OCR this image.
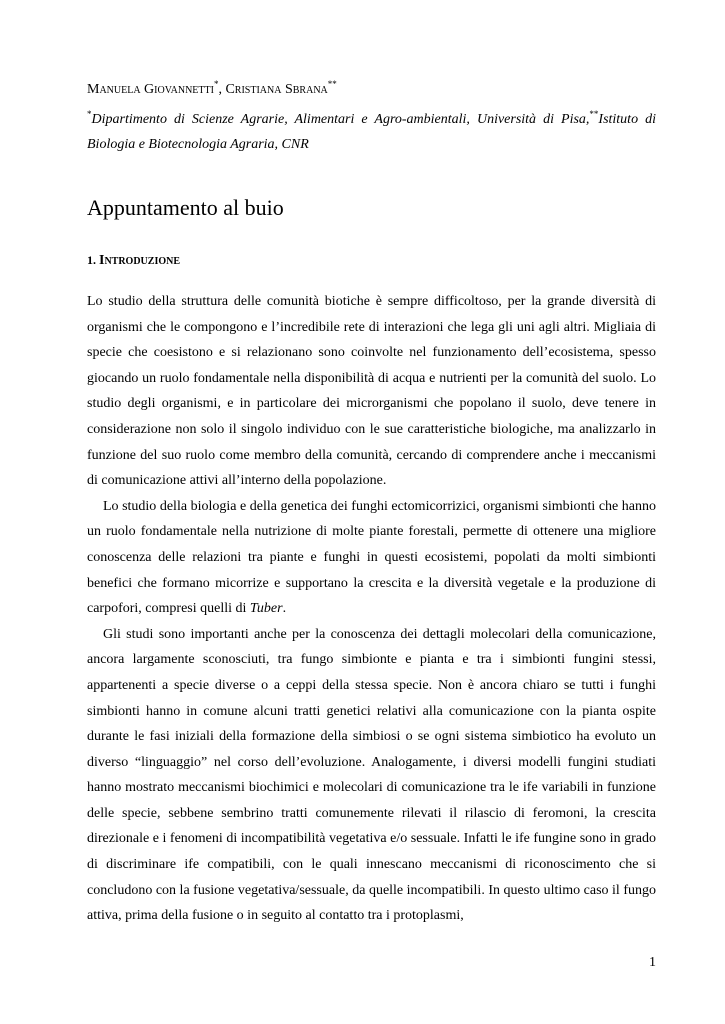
Manuela Giovannetti*, Cristiana Sbrana**

*Dipartimento di Scienze Agrarie, Alimentari e Agro-ambientali, Università di Pisa,**Istituto di Biologia e Biotecnologia Agraria, CNR

Appuntamento al buio
1. Introduzione

Lo studio della struttura delle comunità biotiche è sempre difficoltoso, per la grande diversità di organismi che le compongono e l’incredibile rete di interazioni che lega gli uni agli altri. Migliaia di specie che coesistono e si relazionano sono coinvolte nel funzionamento dell’ecosistema, spesso giocando un ruolo fondamentale nella disponibilità di acqua e nutrienti per la comunità del suolo. Lo studio degli organismi, e in particolare dei microrganismi che popolano il suolo, deve tenere in considerazione non solo il singolo individuo con le sue caratteristiche biologiche, ma analizzarlo in funzione del suo ruolo come membro della comunità, cercando di comprendere anche i meccanismi di comunicazione attivi all’interno della popolazione.

Lo studio della biologia e della genetica dei funghi ectomicorrizici, organismi simbionti che hanno un ruolo fondamentale nella nutrizione di molte piante forestali, permette di ottenere una migliore conoscenza delle relazioni tra piante e funghi in questi ecosistemi, popolati da molti simbionti benefici che formano micorrize e supportano la crescita e la diversità vegetale e la produzione di carpofori, compresi quelli di Tuber.

Gli studi sono importanti anche per la conoscenza dei dettagli molecolari della comunicazione, ancora largamente sconosciuti, tra fungo simbionte e pianta e tra i simbionti fungini stessi, appartenenti a specie diverse o a ceppi della stessa specie. Non è ancora chiaro se tutti i funghi simbionti hanno in comune alcuni tratti genetici relativi alla comunicazione con la pianta ospite durante le fasi iniziali della formazione della simbiosi o se ogni sistema simbiotico ha evoluto un diverso “linguaggio” nel corso dell’evoluzione. Analogamente, i diversi modelli fungini studiati hanno mostrato meccanismi biochimici e molecolari di comunicazione tra le ife variabili in funzione delle specie, sebbene sembrino tratti comunemente rilevati il rilascio di feromoni, la crescita direzionale e i fenomeni di incompatibilità vegetativa e/o sessuale. Infatti le ife fungine sono in grado di discriminare ife compatibili, con le quali innescano meccanismi di riconoscimento che si concludono con la fusione vegetativa/sessuale, da quelle incompatibili. In questo ultimo caso il fungo attiva, prima della fusione o in seguito al contatto tra i protoplasmi,

1
